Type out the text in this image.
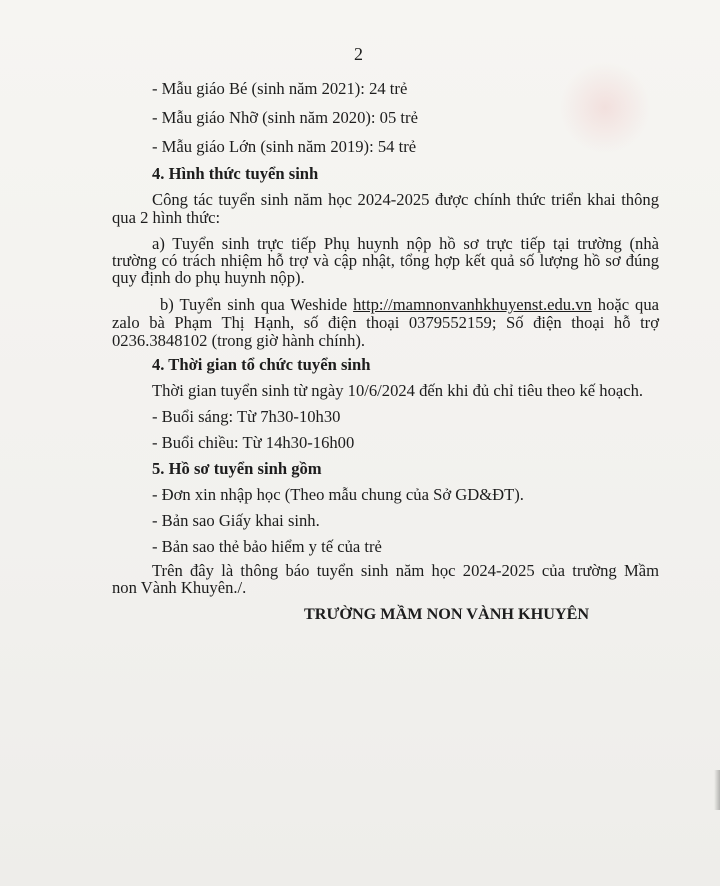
2
- Mẫu giáo Bé (sinh năm 2021): 24 trẻ
- Mẫu giáo Nhỡ (sinh năm 2020): 05 trẻ
- Mẫu giáo Lớn (sinh năm 2019): 54 trẻ
4. Hình thức tuyển sinh
Công tác tuyển sinh năm học 2024-2025 được chính thức triển khai thông
qua 2 hình thức:
a) Tuyển sinh trực tiếp Phụ huynh nộp hồ sơ trực tiếp tại trường (nhà
trường có trách nhiệm hỗ trợ và cập nhật, tổng hợp kết quả số lượng hồ sơ đúng
quy định do phụ huynh nộp).
b) Tuyển sinh qua Weshide http://mamnonvanhkhuyenst.edu.vn hoặc qua
zalo bà Phạm Thị Hạnh, số điện thoại 0379552159; Số điện thoại hỗ trợ
0236.3848102 (trong giờ hành chính).
4. Thời gian tổ chức tuyển sinh
Thời gian tuyển sinh từ ngày 10/6/2024 đến khi đủ chỉ tiêu theo kế hoạch.
- Buổi sáng: Từ 7h30-10h30
- Buổi chiều: Từ 14h30-16h00
5. Hồ sơ tuyển sinh gồm
- Đơn xin nhập học (Theo mẫu chung của Sở GD&ĐT).
- Bản sao Giấy khai sinh.
- Bản sao thẻ bảo hiểm y tế của trẻ
Trên đây là thông báo tuyển sinh năm học 2024-2025 của trường Mầm
non Vành Khuyên./.
TRƯỜNG MẦM NON VÀNH KHUYÊN
